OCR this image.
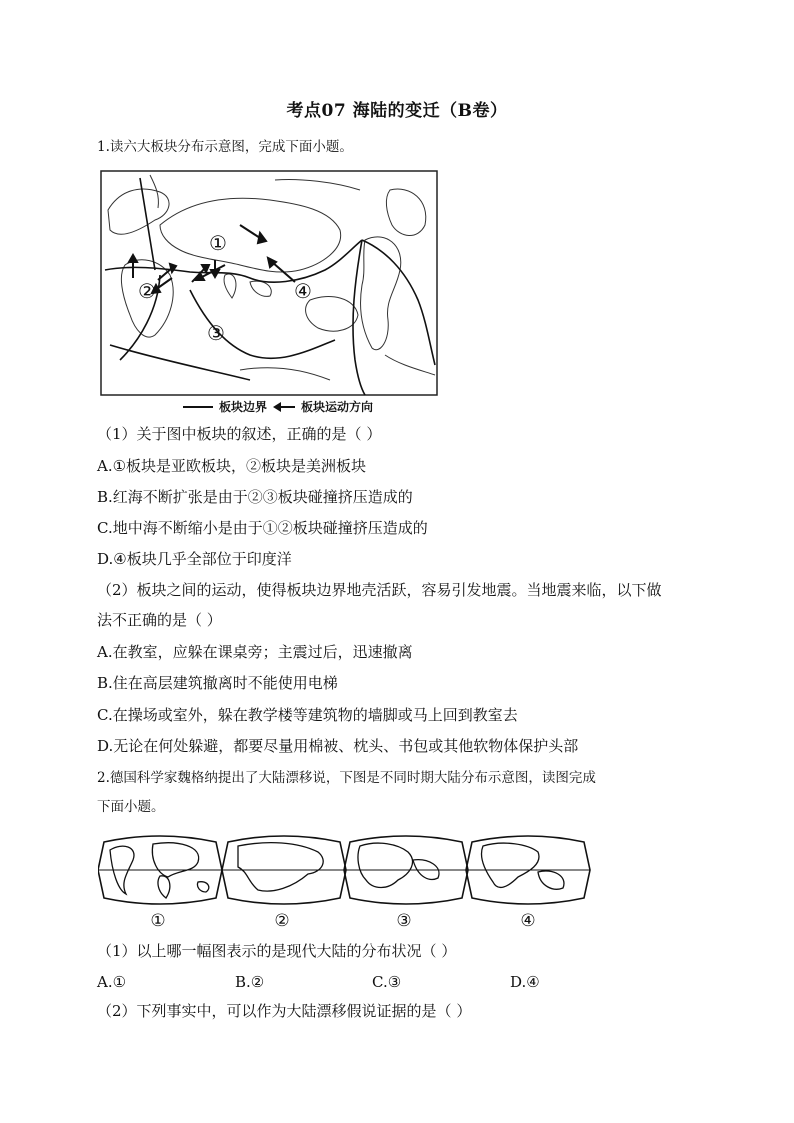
考点07 海陆的变迁（B卷）
1.读六大板块分布示意图，完成下面小题。
①
②
③
④
板块边界	板块运动方向
（1）关于图中板块的叙述，正确的是（ ）
A.①板块是亚欧板块，②板块是美洲板块
B.红海不断扩张是由于②③板块碰撞挤压造成的
C.地中海不断缩小是由于①②板块碰撞挤压造成的
D.④板块几乎全部位于印度洋
（2）板块之间的运动，使得板块边界地壳活跃，容易引发地震。当地震来临，以下做
法不正确的是（ ）
A.在教室，应躲在课桌旁；主震过后，迅速撤离
B.住在高层建筑撤离时不能使用电梯
C.在操场或室外，躲在教学楼等建筑物的墙脚或马上回到教室去
D.无论在何处躲避，都要尽量用棉被、枕头、书包或其他软物体保护头部
2.德国科学家魏格纳提出了大陆漂移说，下图是不同时期大陆分布示意图，读图完成
下面小题。
①	②	③	④
（1）以上哪一幅图表示的是现代大陆的分布状况（ ）
A.①	B.②	C.③	D.④
（2）下列事实中，可以作为大陆漂移假说证据的是（ ）
